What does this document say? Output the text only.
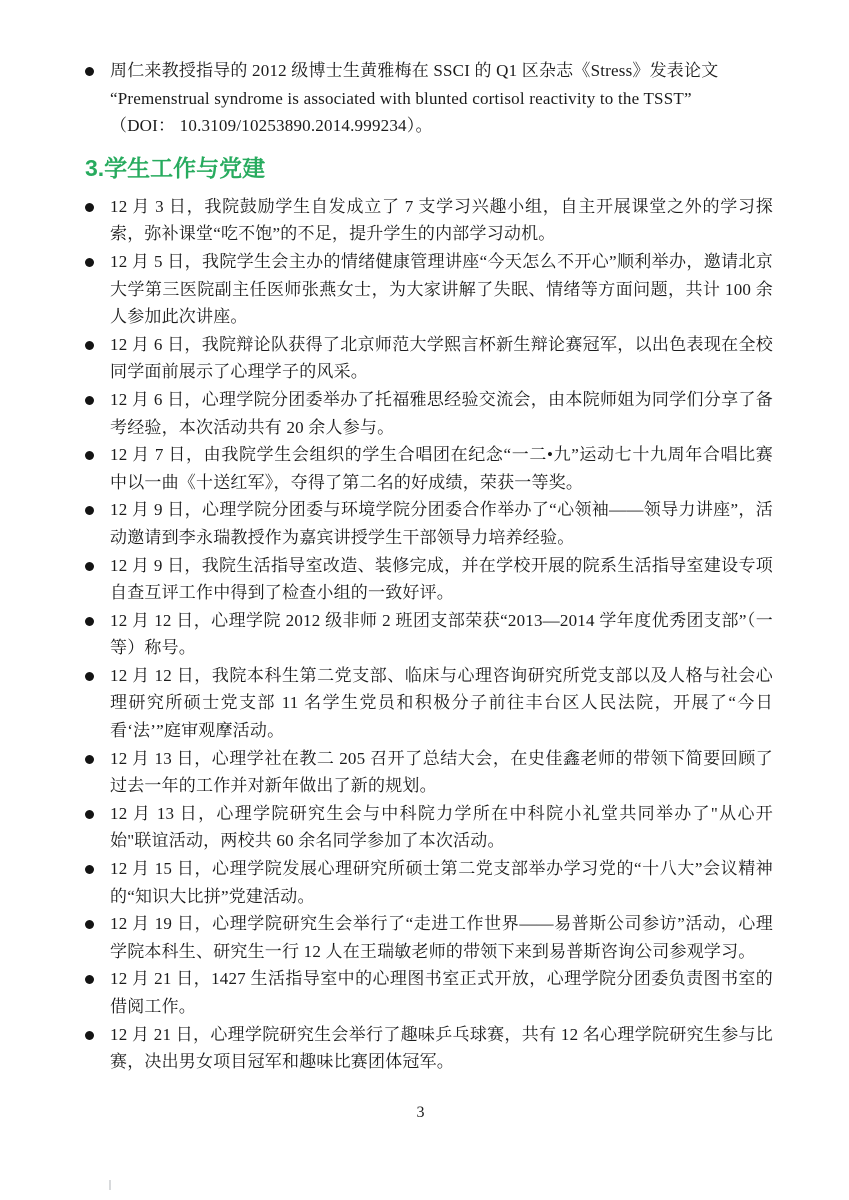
周仁来教授指导的 2012 级博士生黄雅梅在 SSCI 的 Q1 区杂志《Stress》发表论文
“Premenstrual syndrome is associated with blunted cortisol reactivity to the TSST”
（DOI： 10.3109/10253890.2014.999234）。
3.学生工作与党建
12 月 3 日，我院鼓励学生自发成立了 7 支学习兴趣小组，自主开展课堂之外的学习探索，弥补课堂“吃不饱”的不足，提升学生的内部学习动机。
12 月 5 日，我院学生会主办的情绪健康管理讲座“今天怎么不开心”顺利举办，邀请北京大学第三医院副主任医师张燕女士，为大家讲解了失眠、情绪等方面问题，共计 100 余人参加此次讲座。
12 月 6 日，我院辩论队获得了北京师范大学熙言杯新生辩论赛冠军，以出色表现在全校同学面前展示了心理学子的风采。
12 月 6 日，心理学院分团委举办了托福雅思经验交流会，由本院师姐为同学们分享了备考经验，本次活动共有 20 余人参与。
12 月 7 日，由我院学生会组织的学生合唱团在纪念“一二•九”运动七十九周年合唱比赛中以一曲《十送红军》，夺得了第二名的好成绩，荣获一等奖。
12 月 9 日，心理学院分团委与环境学院分团委合作举办了“心领袖——领导力讲座”，活动邀请到李永瑞教授作为嘉宾讲授学生干部领导力培养经验。
12 月 9 日，我院生活指导室改造、装修完成，并在学校开展的院系生活指导室建设专项自查互评工作中得到了检查小组的一致好评。
12 月 12 日，心理学院 2012 级非师 2 班团支部荣获“2013—2014 学年度优秀团支部”（一等）称号。
12 月 12 日，我院本科生第二党支部、临床与心理咨询研究所党支部以及人格与社会心理研究所硕士党支部 11 名学生党员和积极分子前往丰台区人民法院，开展了“今日看‘法’”庭审观摩活动。
12 月 13 日，心理学社在教二 205 召开了总结大会，在史佳鑫老师的带领下简要回顾了过去一年的工作并对新年做出了新的规划。
12 月 13 日，心理学院研究生会与中科院力学所在中科院小礼堂共同举办了"从心开始"联谊活动，两校共 60 余名同学参加了本次活动。
12 月 15 日，心理学院发展心理研究所硕士第二党支部举办学习党的“十八大”会议精神的“知识大比拼”党建活动。
12 月 19 日，心理学院研究生会举行了“走进工作世界——易普斯公司参访”活动，心理学院本科生、研究生一行 12 人在王瑞敏老师的带领下来到易普斯咨询公司参观学习。
12 月 21 日，1427 生活指导室中的心理图书室正式开放，心理学院分团委负责图书室的借阅工作。
12 月 21 日，心理学院研究生会举行了趣味乒乓球赛，共有 12 名心理学院研究生参与比赛，决出男女项目冠军和趣味比赛团体冠军。
3
